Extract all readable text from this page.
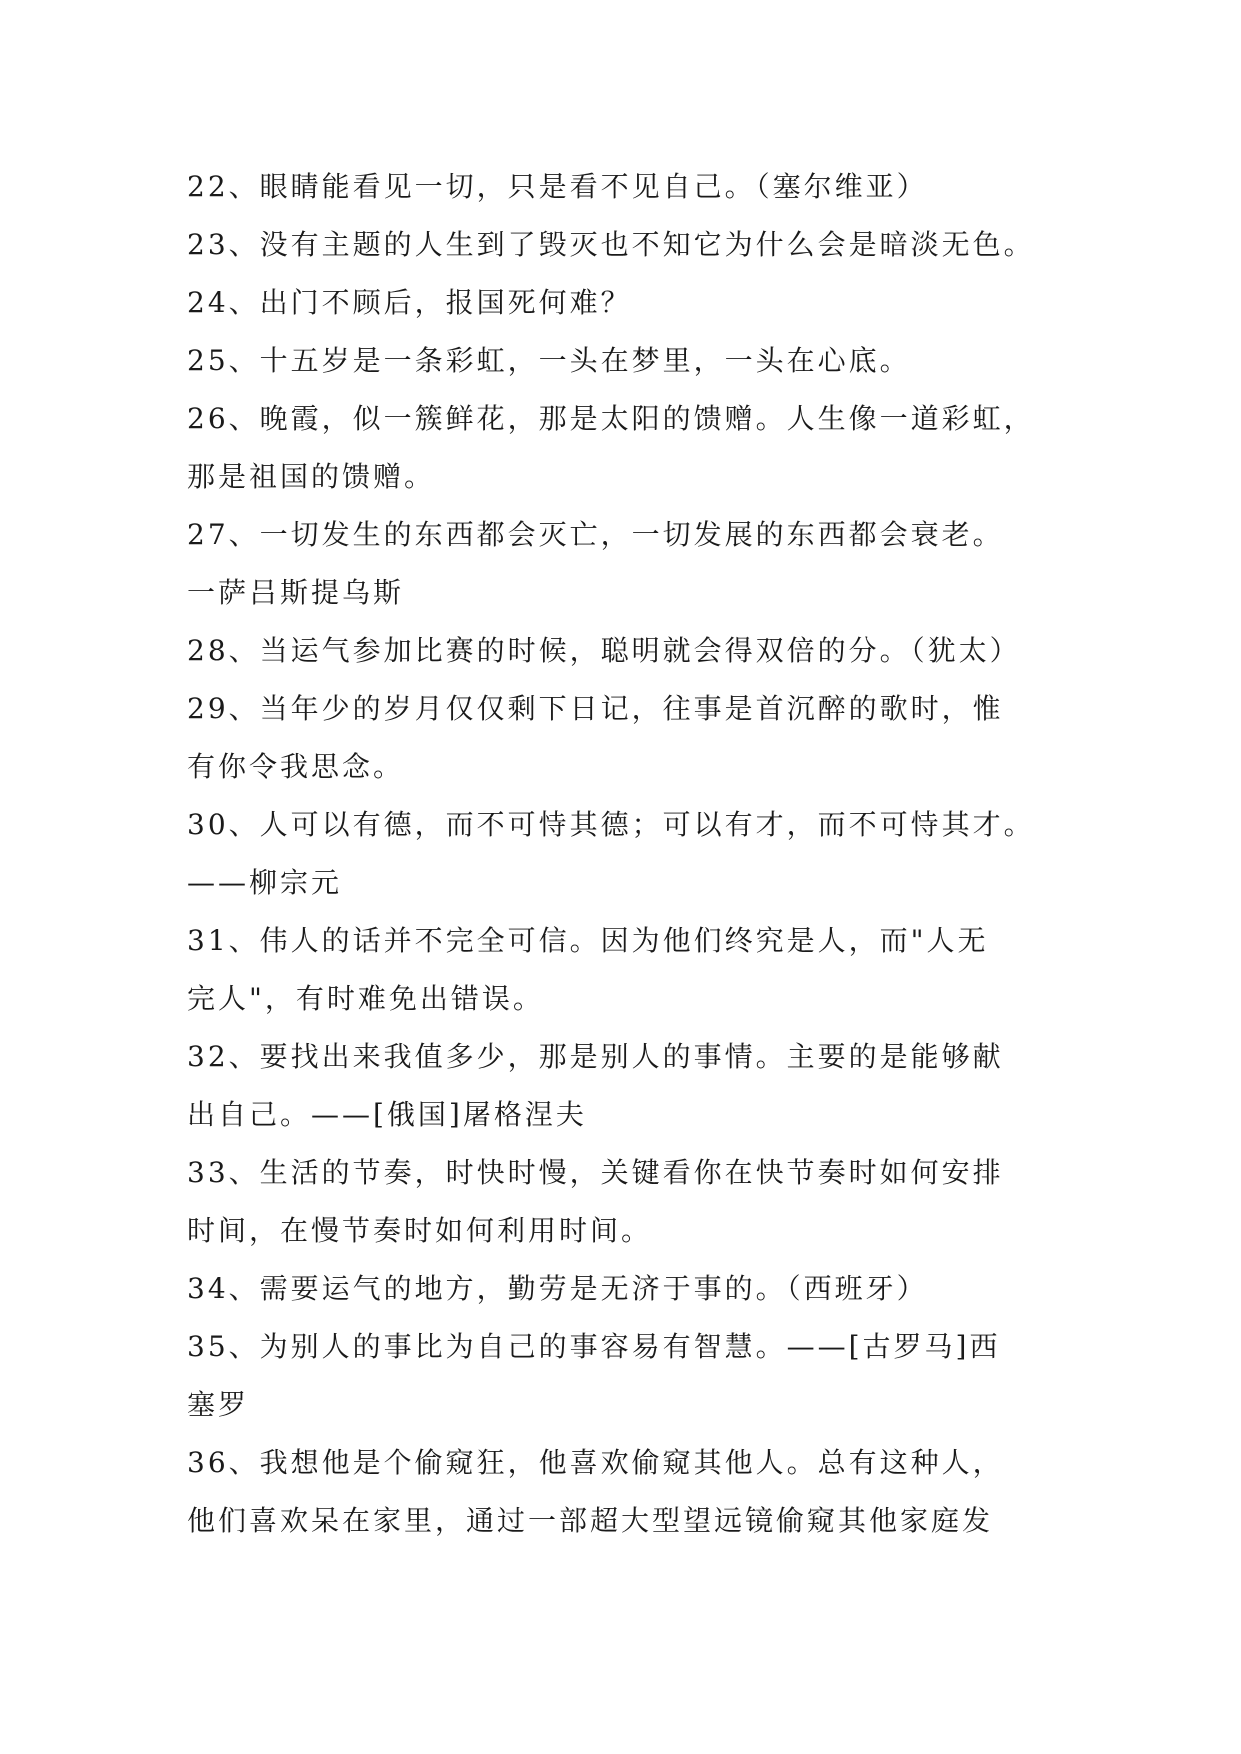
22、眼睛能看见一切，只是看不见自己。（塞尔维亚）
23、没有主题的人生到了毁灭也不知它为什么会是暗淡无色。
24、出门不顾后，报国死何难？
25、十五岁是一条彩虹，一头在梦里，一头在心底。
26、晚霞，似一簇鲜花，那是太阳的馈赠。人生像一道彩虹，
那是祖国的馈赠。
27、一切发生的东西都会灭亡，一切发展的东西都会衰老。
一萨吕斯提乌斯
28、当运气参加比赛的时候，聪明就会得双倍的分。（犹太）
29、当年少的岁月仅仅剩下日记，往事是首沉醉的歌时，惟
有你令我思念。
30、人可以有德，而不可恃其德；可以有才，而不可恃其才。
——柳宗元
31、伟人的话并不完全可信。因为他们终究是人，而"人无
完人"，有时难免出错误。
32、要找出来我值多少，那是别人的事情。主要的是能够献
出自己。——[俄国]屠格涅夫
33、生活的节奏，时快时慢，关键看你在快节奏时如何安排
时间，在慢节奏时如何利用时间。
34、需要运气的地方，勤劳是无济于事的。（西班牙）
35、为别人的事比为自己的事容易有智慧。——[古罗马]西
塞罗
36、我想他是个偷窥狂，他喜欢偷窥其他人。总有这种人，
他们喜欢呆在家里，通过一部超大型望远镜偷窥其他家庭发
